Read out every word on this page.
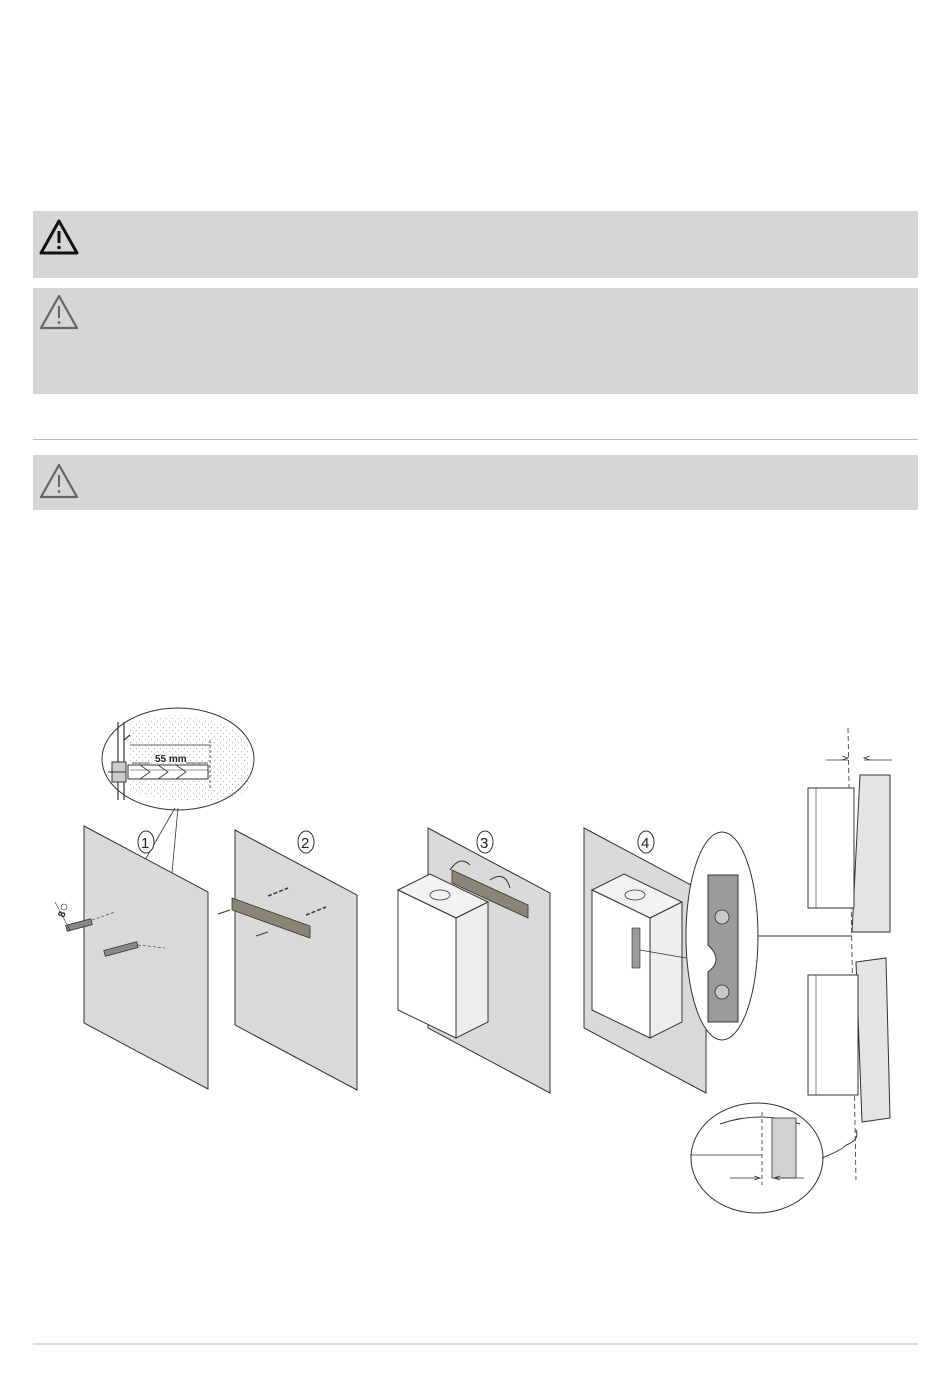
55 mm
1
8
2	3	4
